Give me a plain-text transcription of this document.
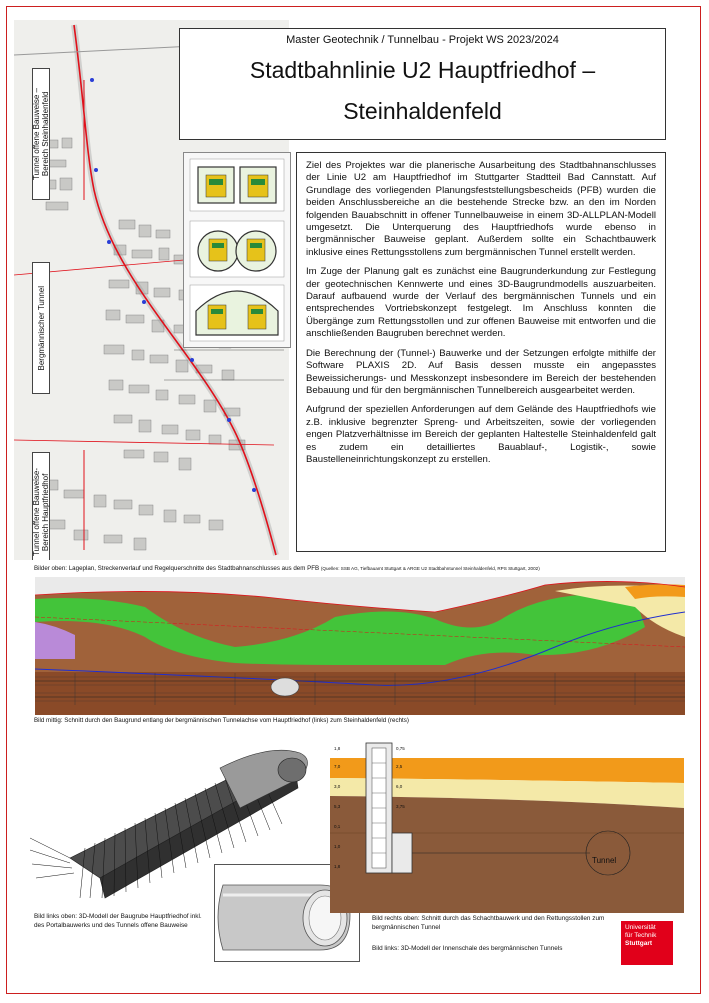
Tunnel offene Bauweise –
Bereich Steinhaldenfeld
Bergmännischer Tunnel
Tunnel offene Bauweise-
Bereich Hauptfriedhof
Master Geotechnik / Tunnelbau - Projekt WS 2023/2024
Stadtbahnlinie U2 Hauptfriedhof –
Steinhaldenfeld

Ziel des Projektes war die planerische Ausarbeitung des Stadtbahnanschlusses der Linie U2 am Hauptfriedhof im Stuttgarter Stadtteil Bad Cannstatt. Auf Grundlage des vorliegenden Planungsfeststellungsbescheids (PFB) wurden die beiden Anschlussbereiche an die bestehende Strecke bzw. an den im Norden folgenden Bauabschnitt in offener Tunnelbauweise in einem 3D-ALLPLAN-Modell umgesetzt. Die Unterquerung des Hauptfriedhofs wurde ebenso in bergmännischer Bauweise geplant. Außerdem sollte ein Schachtbauwerk inklusive eines Rettungsstollens zum bergmännischen Tunnel erstellt werden.

Im Zuge der Planung galt es zunächst eine Baugrunderkundung zur Festlegung der geotechnischen Kennwerte und eines 3D-Baugrundmodells auszuarbeiten. Darauf aufbauend wurde der Verlauf des bergmännischen Tunnels und ein entsprechendes Vortriebskonzept festgelegt. Im Anschluss konnten die Übergänge zum Rettungsstollen und zur offenen Bauweise mit entworfen und die anschließenden Baugruben berechnet werden.

Die Berechnung der (Tunnel-) Bauwerke und der Setzungen erfolgte mithilfe der Software PLAXIS 2D. Auf Basis dessen musste ein angepasstes Beweissicherungs- und Messkonzept insbesondere im Bereich der bestehenden Bebauung und für den bergmännischen Tunnelbereich ausgearbeitet werden.

Aufgrund der speziellen Anforderungen auf dem Gelände des Hauptfriedhofs wie z.B. inklusive begrenzter Spreng- und Arbeitszeiten, sowie der vorliegenden engen Platzverhältnisse im Bereich der geplanten Haltestelle Steinhaldenfeld galt es zudem ein detailliertes Bauablauf-, Logistik-, sowie Baustelleneinrichtungskonzept zu erstellen.

Bilder oben: Lageplan, Streckenverlauf und Regelquerschnitte des Stadtbahnanschlusses aus dem PFB (Quellen: SSB AG, Tiefbauamt Stuttgart & ARGE U2 Stadtbahntunnel Steinhaldenfeld, RPS Stuttgart, 2002)
Bild mittig: Schnitt durch den Baugrund entlang der bergmännischen Tunnelachse vom Hauptfriedhof (links) zum Steinhaldenfeld (rechts)
Tunnel
1,8
7,0
3,0
5,3
0,1
1,0
1,8
0,75
2,5
6,0
3,75
Bild links oben: 3D-Modell der Baugrube Hauptfriedhof inkl. des Portalbauwerks und des Tunnels offene Bauweise
Bild rechts oben: Schnitt durch das Schachtbauwerk und den Rettungsstollen zum bergmännischen Tunnel
Bild links: 3D-Modell der Innenschale des bergmännischen Tunnels
Universität
für Technik
Stuttgart
